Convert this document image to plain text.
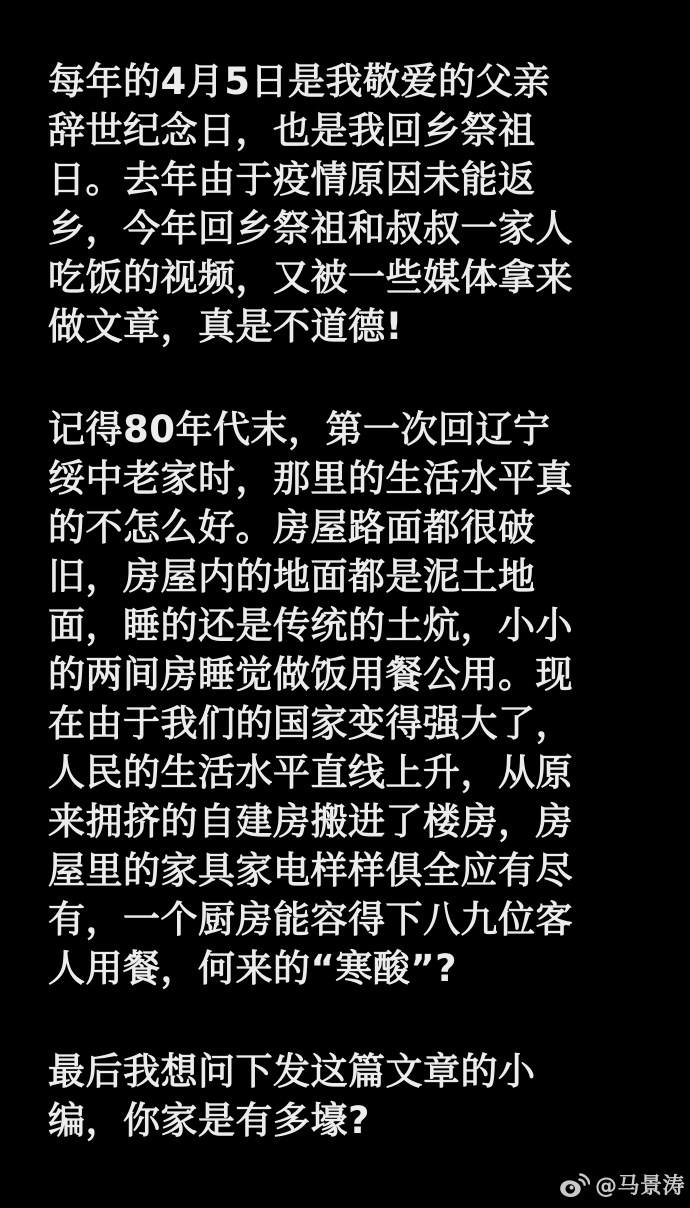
每年的4月5日是我敬爱的父亲
辞世纪念日，也是我回乡祭祖
日。去年由于疫情原因未能返
乡，今年回乡祭祖和叔叔一家人
吃饭的视频，又被一些媒体拿来
做文章，真是不道德!

记得80年代末，第一次回辽宁
绥中老家时，那里的生活水平真
的不怎么好。房屋路面都很破
旧，房屋内的地面都是泥土地
面，睡的还是传统的土炕，小小
的两间房睡觉做饭用餐公用。现
在由于我们的国家变得强大了，
人民的生活水平直线上升，从原
来拥挤的自建房搬进了楼房，房
屋里的家具家电样样俱全应有尽
有，一个厨房能容得下八九位客
人用餐，何来的“寒酸”?

最后我想问下发这篇文章的小
编，你家是有多壕?

@马景涛
